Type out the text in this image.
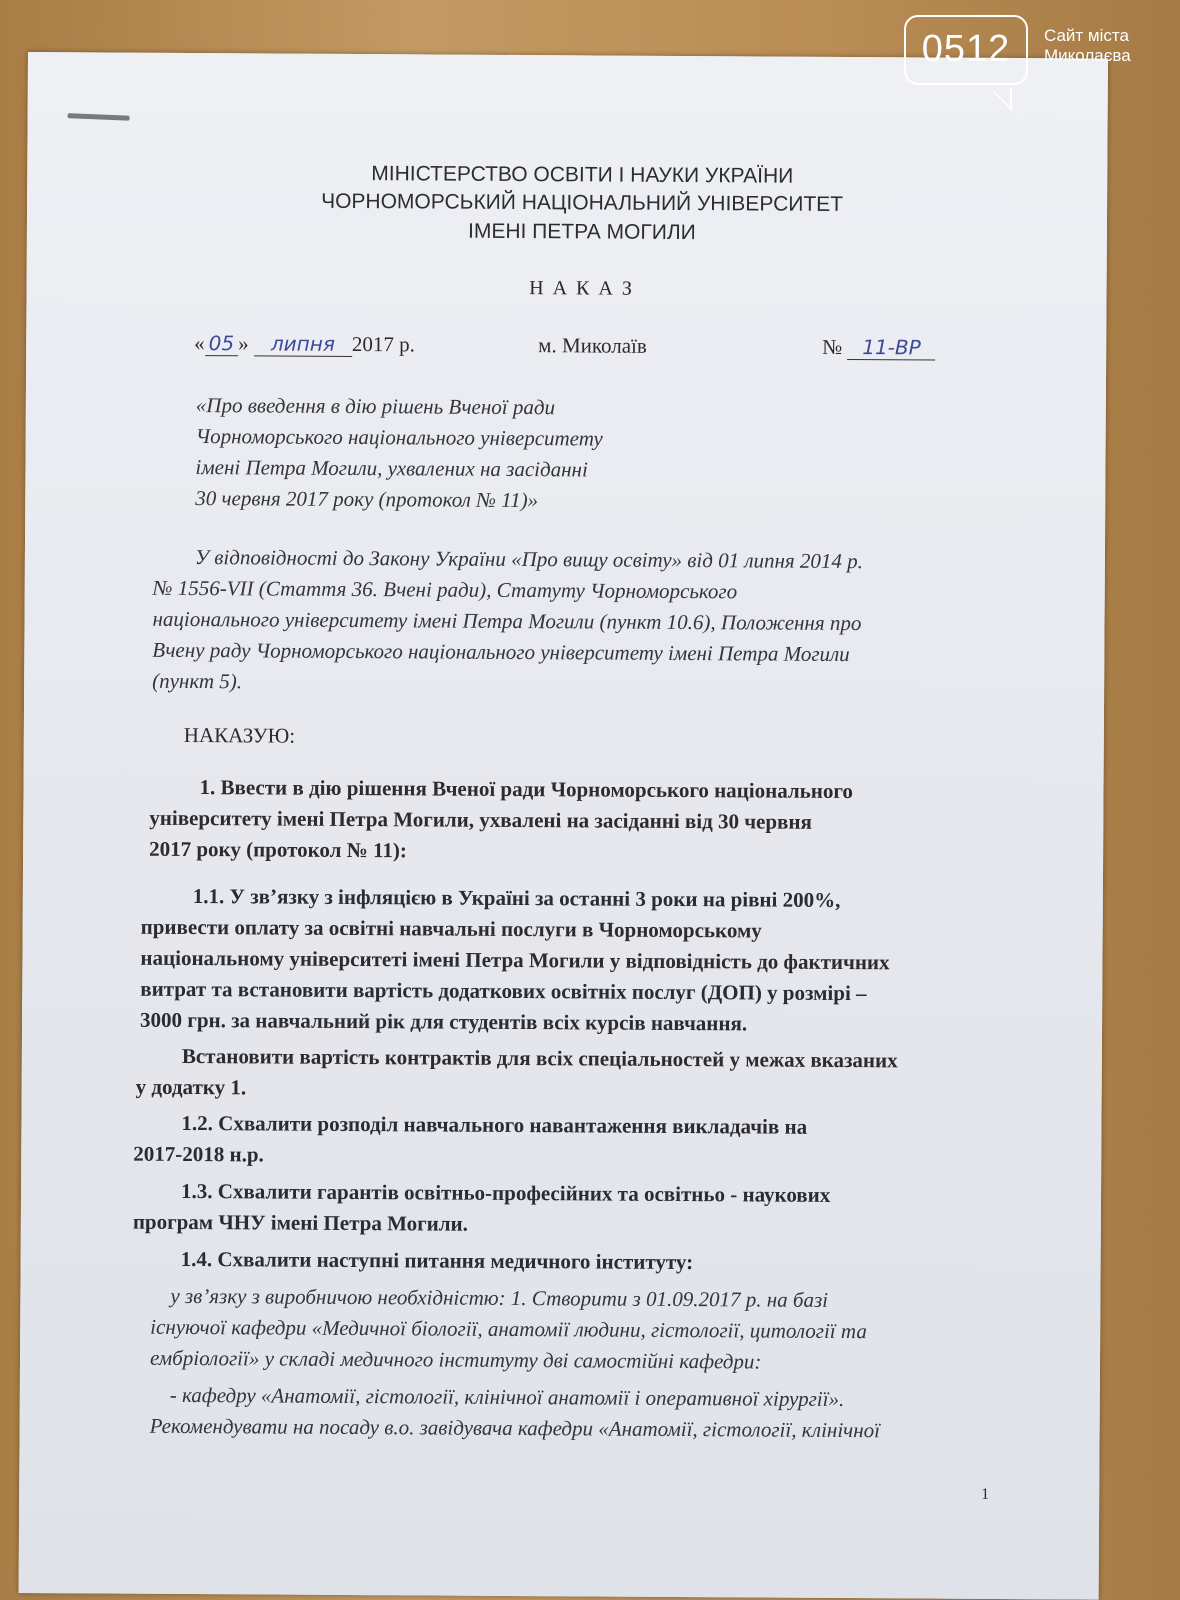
МІНІСТЕРСТВО ОСВІТИ І НАУКИ УКРАЇНИ
ЧОРНОМОРСЬКИЙ НАЦІОНАЛЬНИЙ УНІВЕРСИТЕТ
ІМЕНІ ПЕТРА МОГИЛИ
Н А К А З
« 05 » липня 2017 р.	м. Миколаїв	№ 11-ВР
«Про введення в дію рішень Вченої ради
Чорноморського національного університету
імені Петра Могили, ухвалених на засіданні
30 червня 2017 року (протокол № 11)»
У відповідності до Закону України «Про вищу освіту» від 01 липня 2014 р.
№ 1556-VII (Стаття 36. Вчені ради), Статуту Чорноморського
національного університету імені Петра Могили (пункт 10.6), Положення про
Вчену раду Чорноморського національного університету імені Петра Могили
(пункт 5).
НАКАЗУЮ:
1. Ввести в дію рішення Вченої ради Чорноморського національного
університету імені Петра Могили, ухвалені на засіданні від 30 червня
2017 року (протокол № 11):
1.1. У зв’язку з інфляцією в Україні за останні 3 роки на рівні 200%,
привести оплату за освітні навчальні послуги в Чорноморському
національному університеті імені Петра Могили у відповідність до фактичних
витрат та встановити вартість додаткових освітніх послуг (ДОП) у розмірі –
3000 грн. за навчальний рік для студентів всіх курсів навчання.
Встановити вартість контрактів для всіх спеціальностей у межах вказаних
у додатку 1.
1.2. Схвалити розподіл навчального навантаження викладачів на
2017-2018 н.р.
1.3. Схвалити гарантів освітньо-професійних та освітньо - наукових
програм ЧНУ імені Петра Могили.
1.4. Схвалити наступні питання медичного інституту:
у зв’язку з виробничою необхідністю: 1. Створити з 01.09.2017 р. на базі
існуючої кафедри «Медичної біології, анатомії людини, гістології, цитології та
ембріології» у складі медичного інституту дві самостійні кафедри:
- кафедру «Анатомії, гістології, клінічної анатомії і оперативної хірургії».
Рекомендувати на посаду в.о. завідувача кафедри «Анатомії, гістології, клінічної
1
0512	Сайт міста
Миколаєва
